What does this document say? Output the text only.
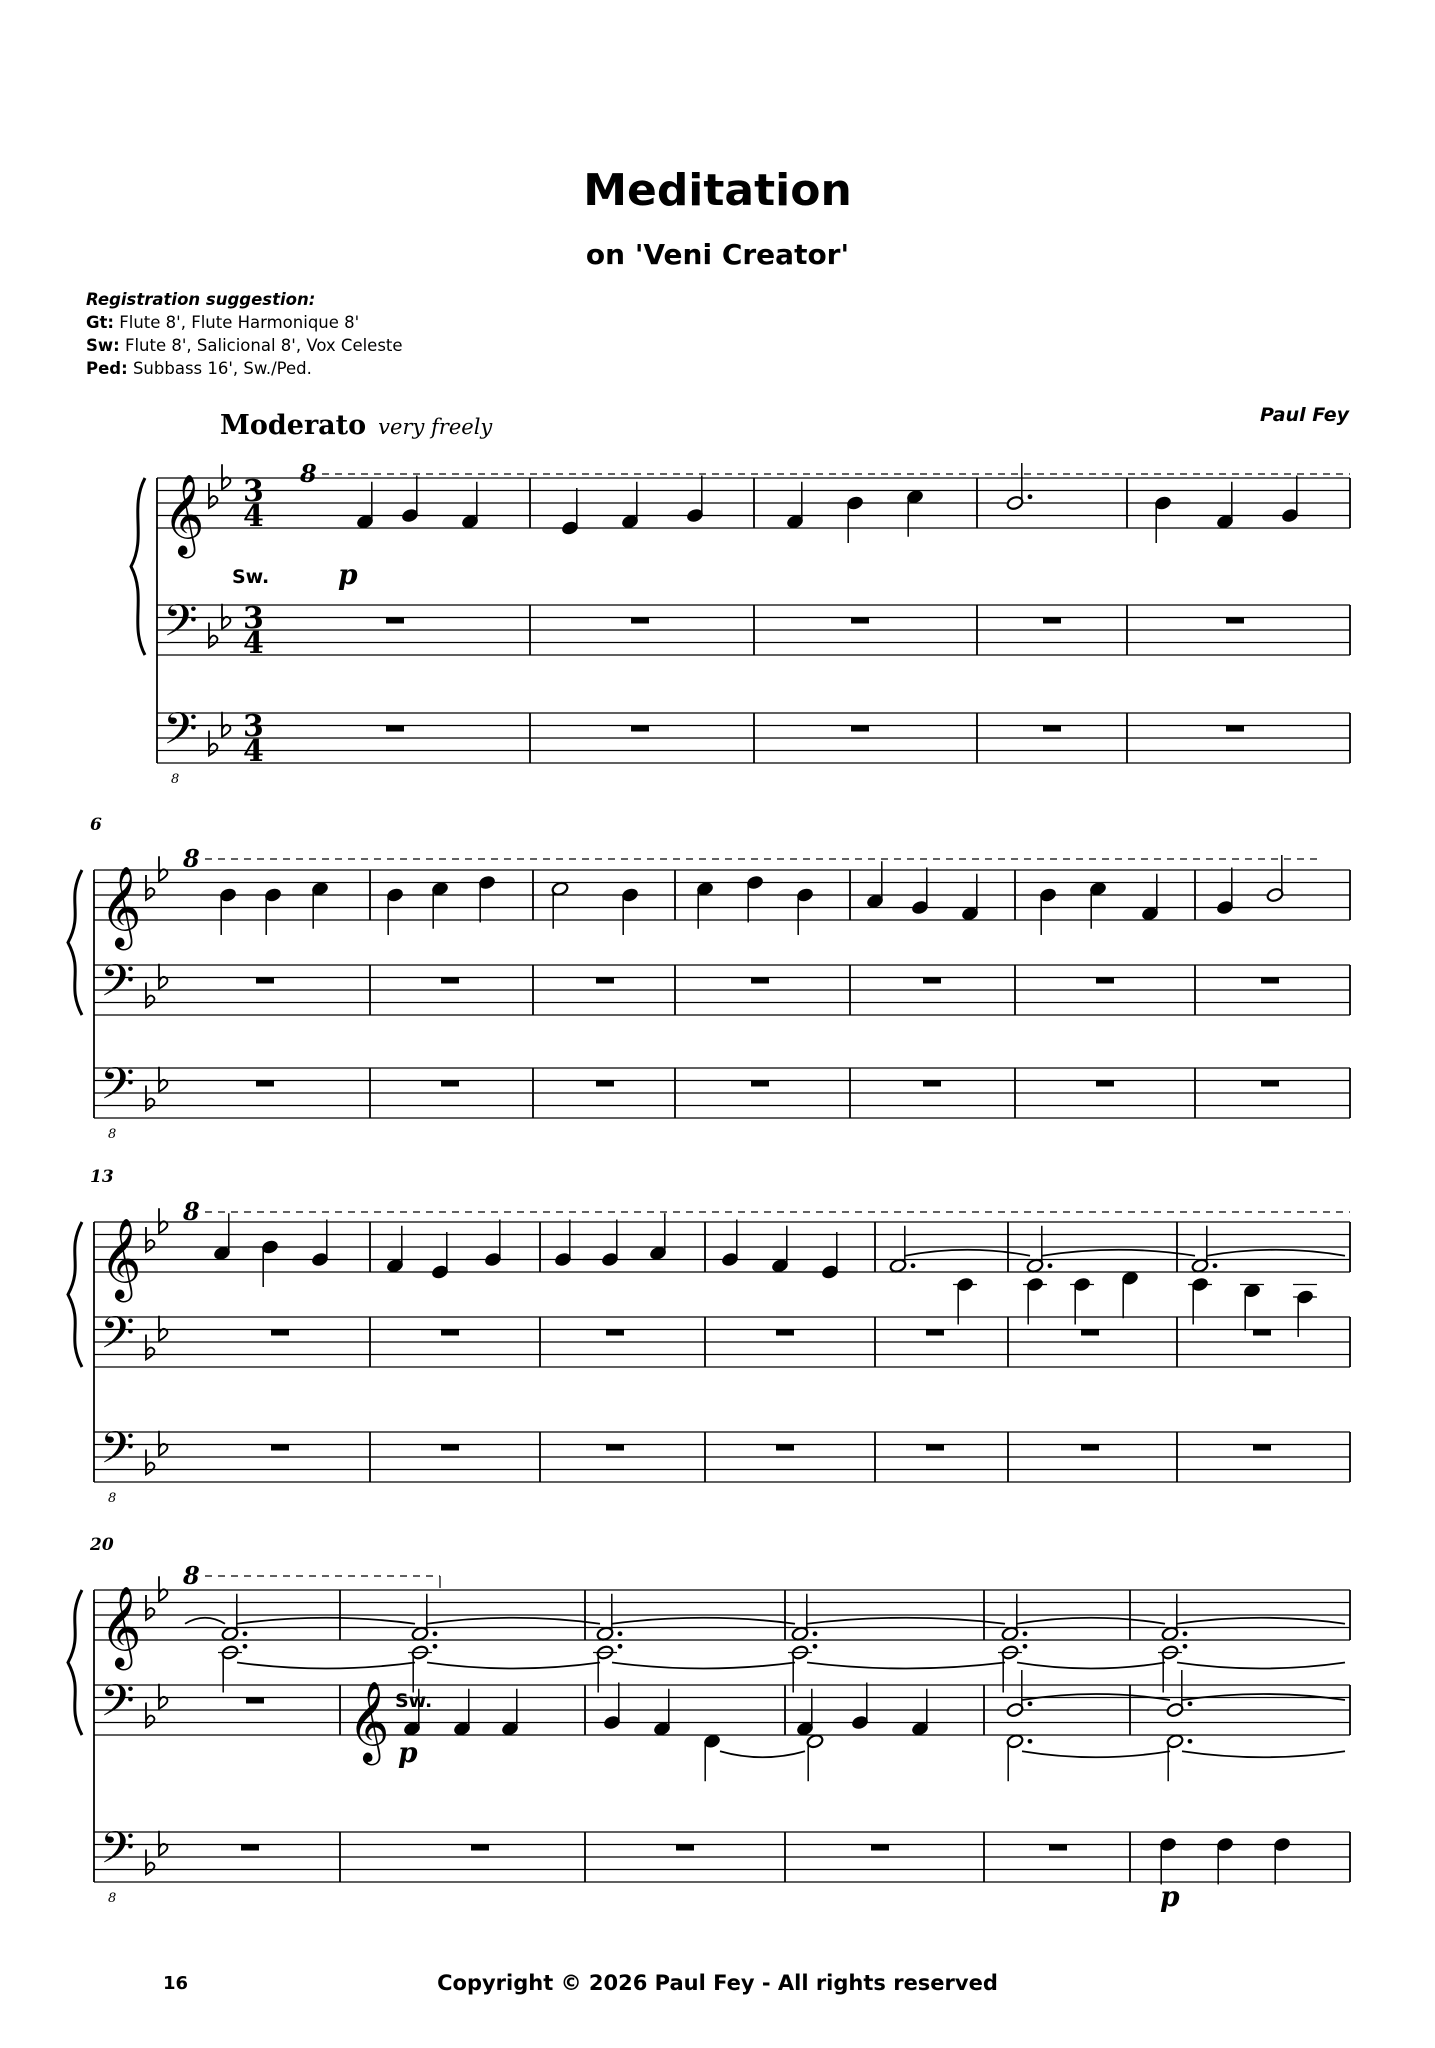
Meditation
on 'Veni Creator'
Registration suggestion:
Gt: Flute 8', Flute Harmonique 8'
Sw: Flute 8', Salicional 8', Vox Celeste
Ped: Subbass 16', Sw./Ped.
Paul Fey
Moderato very freely
𝄞
𝄢
𝄢
8
3
4
3
4
3
4
𝄞
𝄢
𝄢
8
6
𝄞
𝄢
𝄢
8
13
𝄞
𝄢
𝄢
8
20
8
8
8
8
Sw. p
𝄞 Sw.
p
p
16	Copyright © 2026 Paul Fey - All rights reserved
